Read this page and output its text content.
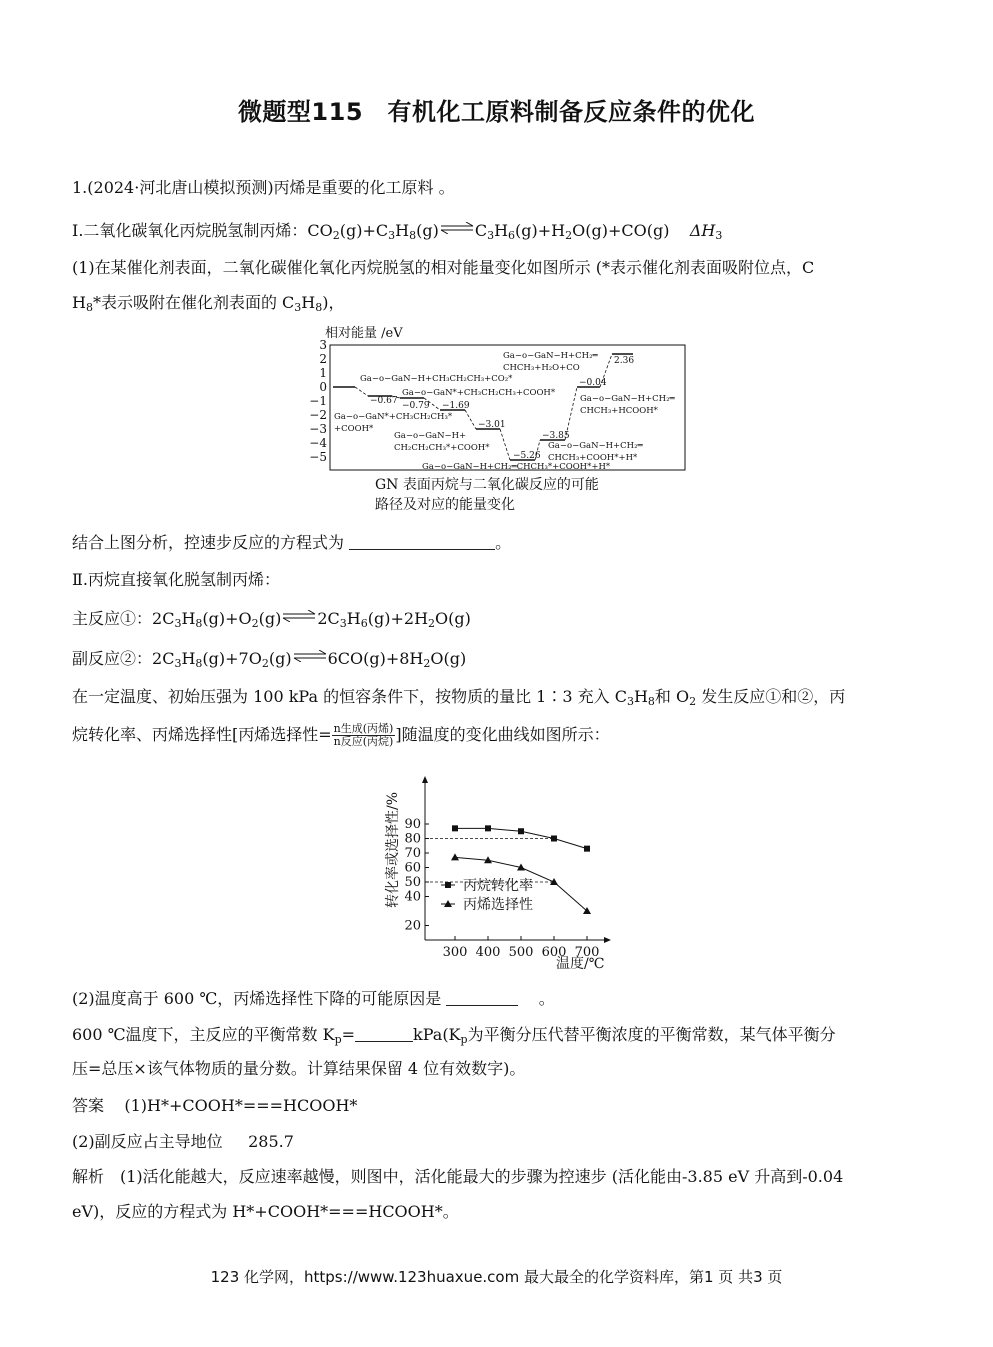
微题型115　有机化工原料制备反应条件的优化
1.(2024·河北唐山模拟预测)丙烯是重要的化工原料 。
Ⅰ.二氧化碳氧化丙烷脱氢制丙烯：$CO_2(g)+C_3H_8(g)\rightleftharpoons C_3H_6(g)+H_2O(g)+CO(g)$    $\Delta H_3$
(1)在某催化剂表面，二氧化碳催化氧化丙烷脱氢的相对能量变化如图所示 (*表示催化剂表面吸附位点，C
$H_8*$表示吸附在催化剂表面的 $C_3H_8$)，
相对能量 /eV
3
2
1
0
−1
−2
−3
−4
−5
−0.67 −0.79 −1.69
−3.01
−5.26
−3.85
−0.04
2.36
Ga−o−GaN−H+CH₃CH₂CH₃+CO₂*
Ga−o−GaN*+CH₃CH₂CH₃+COOH*
Ga−o−GaN*+CH₃CH₂CH₃*
+COOH*
Ga−o−GaN−H+
CH₂CH₂CH₃*+COOH*
Ga−o−GaN−H+CH₂═CHCH₃*+COOH*+H*
Ga−o−GaN−H+CH₂═
CHCH₃+COOH*+H*
Ga−o−GaN−H+CH₂═
CHCH₃+HCOOH*
Ga−o−GaN−H+CH₂═
CHCH₃+H₂O+CO
GN 表面丙烷与二氧化碳反应的可能
路径及对应的能量变化
结合上图分析，控速步反应的方程式为	。
Ⅱ.丙烷直接氧化脱氢制丙烯：
主反应①：$2C_3H_8(g)+O_2(g)\rightleftharpoons 2C_3H_6(g)+2H_2O(g)$
副反应②：$2C_3H_8(g)+7O_2(g)\rightleftharpoons 6CO(g)+8H_2O(g)$
在一定温度、初始压强为 100 kPa 的恒容条件下，按物质的量比 1∶3 充入 $C_3H_8$和 $O_2$ 发生反应①和②，丙
烷转化率、丙烯选择性[丙烯选择性= $\frac{\text{n生成(丙烯)}}{\text{n反应(丙烷)}}$ ]随温度的变化曲线如图所示：
转化率或选择性/%
20
40
50
60
70
80
90
300 400 500 600 700
丙烷转化率
丙烯选择性
温度/℃
(2)温度高于 600 ℃，丙烯选择性下降的可能原因是	。
600 ℃温度下，主反应的平衡常数 $K_p=$	$kPa(K_p$为平衡分压代替平衡浓度的平衡常数，某气体平衡分
压=总压×该气体物质的量分数。计算结果保留 4 位有效数字)。
答案 (1)H*+COOH*===HCOOH*
(2)副反应占主导地位 285.7
解析　(1)活化能越大，反应速率越慢，则图中，活化能最大的步骤为控速步 (活化能由-3.85 eV 升高到-0.04
eV)，反应的方程式为 H*+COOH*===HCOOH*。
123 化学网，https://www.123huaxue.com 最大最全的化学资料库，第1 页 共3 页
